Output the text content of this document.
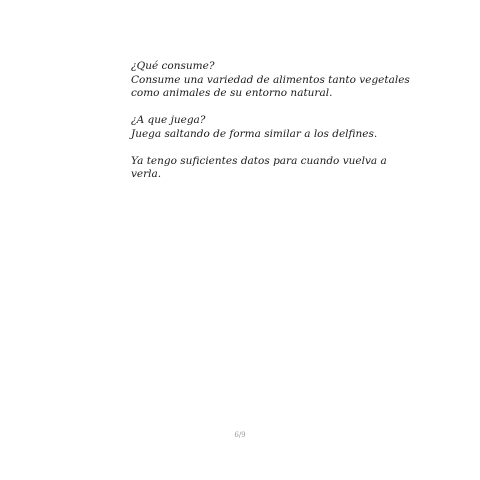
¿Qué consume?
Consume una variedad de alimentos tanto vegetales
como animales de su entorno natural.

¿A que juega?
Juega saltando de forma similar a los delfines.

Ya tengo suficientes datos para cuando vuelva a
verla.

6/9
